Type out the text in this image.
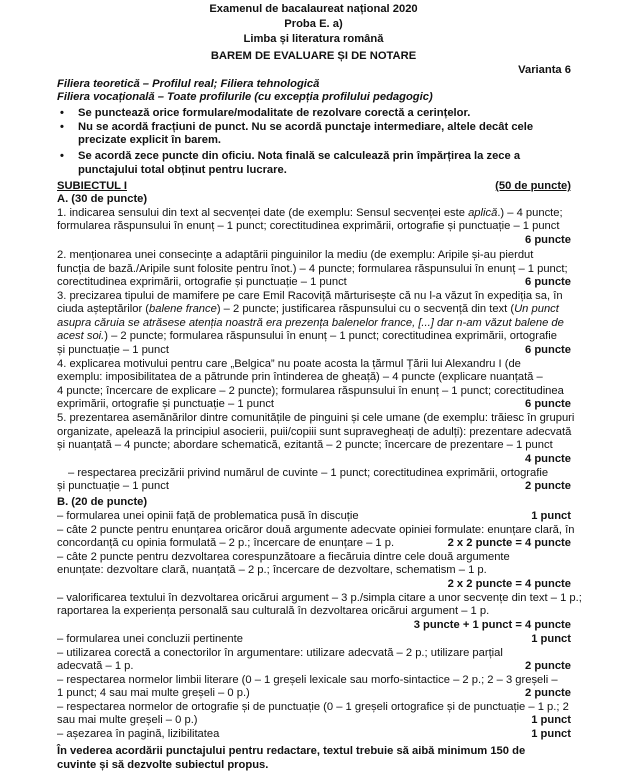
Examenul de bacalaureat național 2020
Proba E. a)
Limba și literatura română
BAREM DE EVALUARE ȘI DE NOTARE
Varianta 6
Filiera teoretică – Profilul real; Filiera tehnologică
Filiera vocațională – Toate profilurile (cu excepția profilului pedagogic)
• Se punctează orice formulare/modalitate de rezolvare corectă a cerințelor.
• Nu se acordă fracțiuni de punct. Nu se acordă punctaje intermediare, altele decât cele
precizate explicit în barem.
• Se acordă zece puncte din oficiu. Nota finală se calculează prin împărțirea la zece a
punctajului total obținut pentru lucrare.
SUBIECTUL I	(50 de puncte)
A. (30 de puncte)
1. indicarea sensului din text al secvenței date (de exemplu: Sensul secvenței este aplică.) – 4 puncte;
formularea răspunsului în enunț – 1 punct; corectitudinea exprimării, ortografie și punctuație – 1 punct
6 puncte
2. menționarea unei consecințe a adaptării pinguinilor la mediu (de exemplu: Aripile și-au pierdut
funcția de bază./Aripile sunt folosite pentru înot.) – 4 puncte; formularea răspunsului în enunț – 1 punct;
corectitudinea exprimării, ortografie și punctuație – 1 punct	6 puncte
3. precizarea tipului de mamifere pe care Emil Racoviță mărturisește că nu l-a văzut în expediția sa, în
ciuda așteptărilor (balene france) – 2 puncte; justificarea răspunsului cu o secvență din text (Un punct
asupra căruia se atrăsese atenția noastră era prezența balenelor france, [...] dar n-am văzut balene de
acest soi.) – 2 puncte; formularea răspunsului în enunț – 1 punct; corectitudinea exprimării, ortografie
și punctuație – 1 punct	6 puncte
4. explicarea motivului pentru care „Belgica” nu poate acosta la țărmul Țării lui Alexandru I (de
exemplu: imposibilitatea de a pătrunde prin întinderea de gheață) – 4 puncte (explicare nuanțată –
4 puncte; încercare de explicare – 2 puncte); formularea răspunsului în enunț – 1 punct; corectitudinea
exprimării, ortografie și punctuație – 1 punct	6 puncte
5. prezentarea asemănărilor dintre comunitățile de pinguini și cele umane (de exemplu: trăiesc în grupuri
organizate, apelează la principiul asocierii, puii/copiii sunt supravegheați de adulți): prezentare adecvată
și nuanțată – 4 puncte; abordare schematică, ezitantă – 2 puncte; încercare de prezentare – 1 punct
4 puncte
– respectarea precizării privind numărul de cuvinte – 1 punct; corectitudinea exprimării, ortografie
și punctuație – 1 punct	2 puncte
B. (20 de puncte)
– formularea unei opinii față de problematica pusă în discuție	1 punct
– câte 2 puncte pentru enunțarea oricăror două argumente adecvate opiniei formulate: enunțare clară, în
concordanță cu opinia formulată – 2 p.; încercare de enunțare – 1 p.	2 x 2 puncte = 4 puncte
– câte 2 puncte pentru dezvoltarea corespunzătoare a fiecăruia dintre cele două argumente
enunțate: dezvoltare clară, nuanțată – 2 p.; încercare de dezvoltare, schematism – 1 p.
2 x 2 puncte = 4 puncte
– valorificarea textului în dezvoltarea oricărui argument – 3 p./simpla citare a unor secvențe din text – 1 p.;
raportarea la experiența personală sau culturală în dezvoltarea oricărui argument – 1 p.
3 puncte + 1 punct = 4 puncte
– formularea unei concluzii pertinente	1 punct
– utilizarea corectă a conectorilor în argumentare: utilizare adecvată – 2 p.; utilizare parțial
adecvată – 1 p.	2 puncte
– respectarea normelor limbii literare (0 – 1 greșeli lexicale sau morfo-sintactice – 2 p.; 2 – 3 greșeli –
1 punct; 4 sau mai multe greșeli – 0 p.)	2 puncte
– respectarea normelor de ortografie și de punctuație (0 – 1 greșeli ortografice și de punctuație – 1 p.; 2
sau mai multe greșeli – 0 p.)	1 punct
– așezarea în pagină, lizibilitatea	1 punct
În vederea acordării punctajului pentru redactare, textul trebuie să aibă minimum 150 de
cuvinte și să dezvolte subiectul propus.
